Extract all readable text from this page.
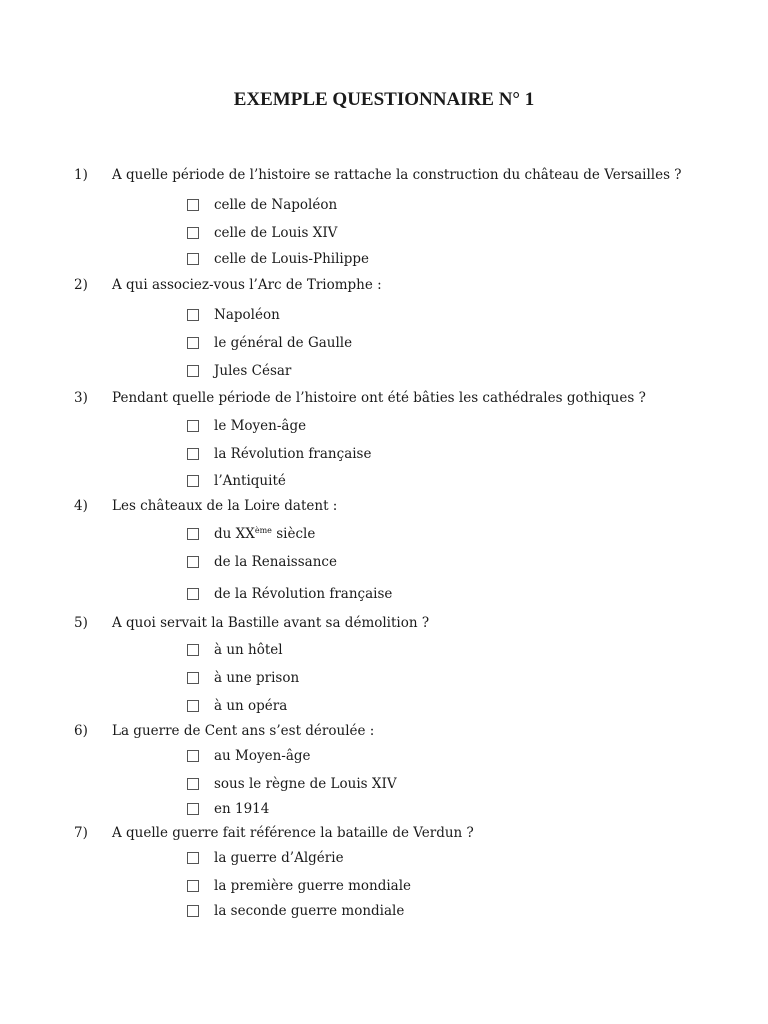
EXEMPLE QUESTIONNAIRE N° 1
1) A quelle période de l’histoire se rattache la construction du château de Versailles ?
celle de Napoléon
celle de Louis XIV
celle de Louis-Philippe
2) A qui associez-vous l’Arc de Triomphe :
Napoléon
le général de Gaulle
Jules César
3) Pendant quelle période de l’histoire ont été bâties les cathédrales gothiques ?
le Moyen-âge
la Révolution française
l’Antiquité
4) Les châteaux de la Loire datent :
du XXème siècle
de la Renaissance
de la Révolution française
5) A quoi servait la Bastille avant sa démolition ?
à un hôtel
à une prison
à un opéra
6) La guerre de Cent ans s’est déroulée :
au Moyen-âge
sous le règne de Louis XIV
en 1914
7) A quelle guerre fait référence la bataille de Verdun ?
la guerre d’Algérie
la première guerre mondiale
la seconde guerre mondiale
